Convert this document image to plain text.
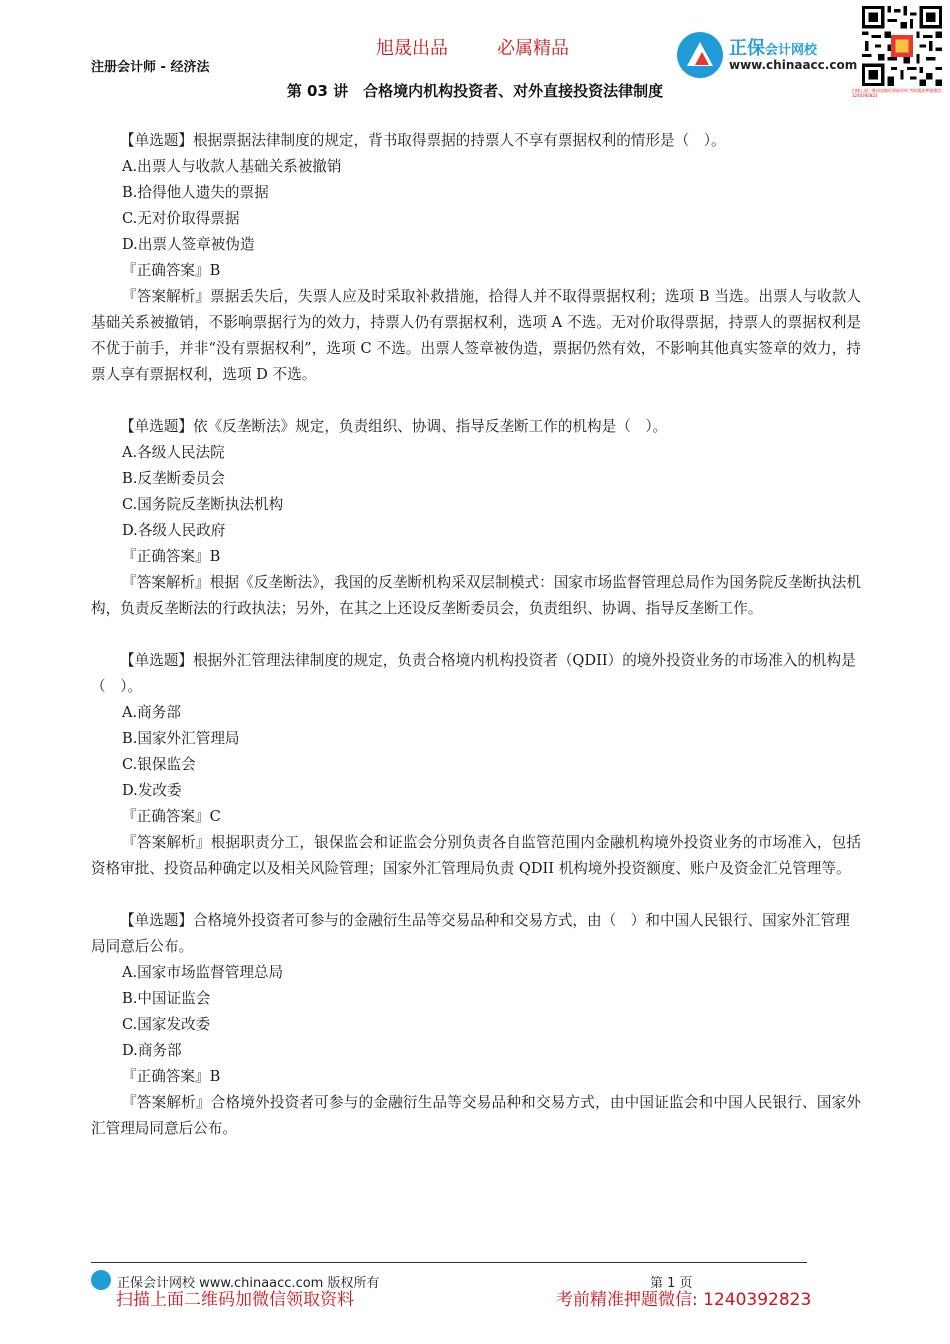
注册会计师 - 经济法
旭晟出品	必属精品	正保会计网校
www.chinaacc.com
扫描上面二维码加微信领取资料 考前精准押题微信：1240392823
第 03 讲　合格境内机构投资者、对外直接投资法律制度

【单选题】根据票据法律制度的规定，背书取得票据的持票人不享有票据权利的情形是（　）。

A.出票人与收款人基础关系被撤销

B.拾得他人遗失的票据

C.无对价取得票据

D.出票人签章被伪造

『正确答案』B

『答案解析』票据丢失后，失票人应及时采取补救措施，拾得人并不取得票据权利；选项 B 当选。出票人与收款人基础关系被撤销，不影响票据行为的效力，持票人仍有票据权利，选项 A 不选。无对价取得票据，持票人的票据权利是不优于前手，并非“没有票据权利”，选项 C 不选。出票人签章被伪造，票据仍然有效，不影响其他真实签章的效力，持票人享有票据权利，选项 D 不选。

【单选题】依《反垄断法》规定，负责组织、协调、指导反垄断工作的机构是（　）。

A.各级人民法院

B.反垄断委员会

C.国务院反垄断执法机构

D.各级人民政府

『正确答案』B

『答案解析』根据《反垄断法》，我国的反垄断机构采双层制模式：国家市场监督管理总局作为国务院反垄断执法机构，负责反垄断法的行政执法；另外，在其之上还设反垄断委员会，负责组织、协调、指导反垄断工作。

【单选题】根据外汇管理法律制度的规定，负责合格境内机构投资者（QDII）的境外投资业务的市场准入的机构是（　）。

A.商务部

B.国家外汇管理局

C.银保监会

D.发改委

『正确答案』C

『答案解析』根据职责分工，银保监会和证监会分别负责各自监管范围内金融机构境外投资业务的市场准入，包括资格审批、投资品种确定以及相关风险管理；国家外汇管理局负责 QDII 机构境外投资额度、账户及资金汇兑管理等。

【单选题】合格境外投资者可参与的金融衍生品等交易品种和交易方式，由（　）和中国人民银行、国家外汇管理局同意后公布。

A.国家市场监督管理总局

B.中国证监会

C.国家发改委

D.商务部

『正确答案』B

『答案解析』合格境外投资者可参与的金融衍生品等交易品种和交易方式，由中国证监会和中国人民银行、国家外汇管理局同意后公布。

正保会计网校 www.chinaacc.com 版权所有	第 1 页
扫描上面二维码加微信领取资料	考前精准押题微信: 1240392823
